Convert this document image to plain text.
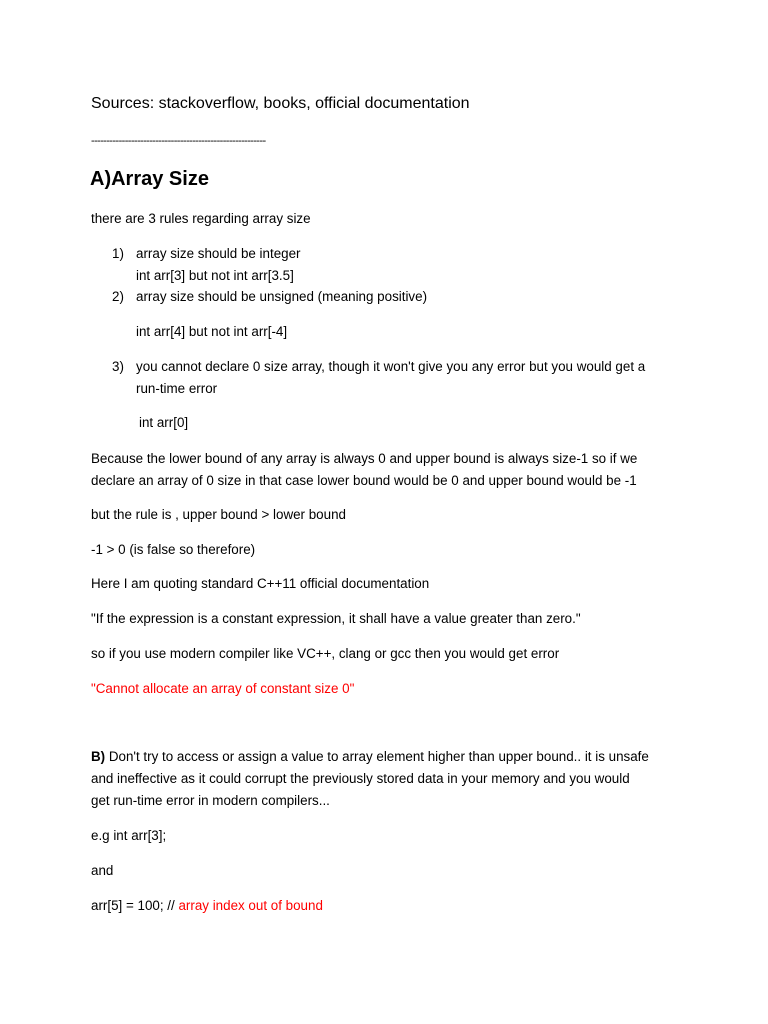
Sources: stackoverflow, books, official documentation
---------------------------------------------------------
A)Array Size
there are 3 rules regarding array size
1) array size should be integer
int arr[3] but not int arr[3.5]
2) array size should be unsigned (meaning positive)
int arr[4] but not int arr[-4]
3) you cannot declare 0 size array, though it won't give you any error but you would get a
run-time error
int arr[0]
Because the lower bound of any array is always 0 and upper bound is always size-1 so if we
declare an array of 0 size in that case lower bound would be 0 and upper bound would be -1
but the rule is , upper bound > lower bound
-1 > 0 (is false so therefore)
Here I am quoting standard C++11 official documentation
"If the expression is a constant expression, it shall have a value greater than zero."
so if you use modern compiler like VC++, clang or gcc then you would get error
"Cannot allocate an array of constant size 0"
B) Don't try to access or assign a value to array element higher than upper bound.. it is unsafe
and ineffective as it could corrupt the previously stored data in your memory and you would
get run-time error in modern compilers...
e.g int arr[3];
and
arr[5] = 100; // array index out of bound
